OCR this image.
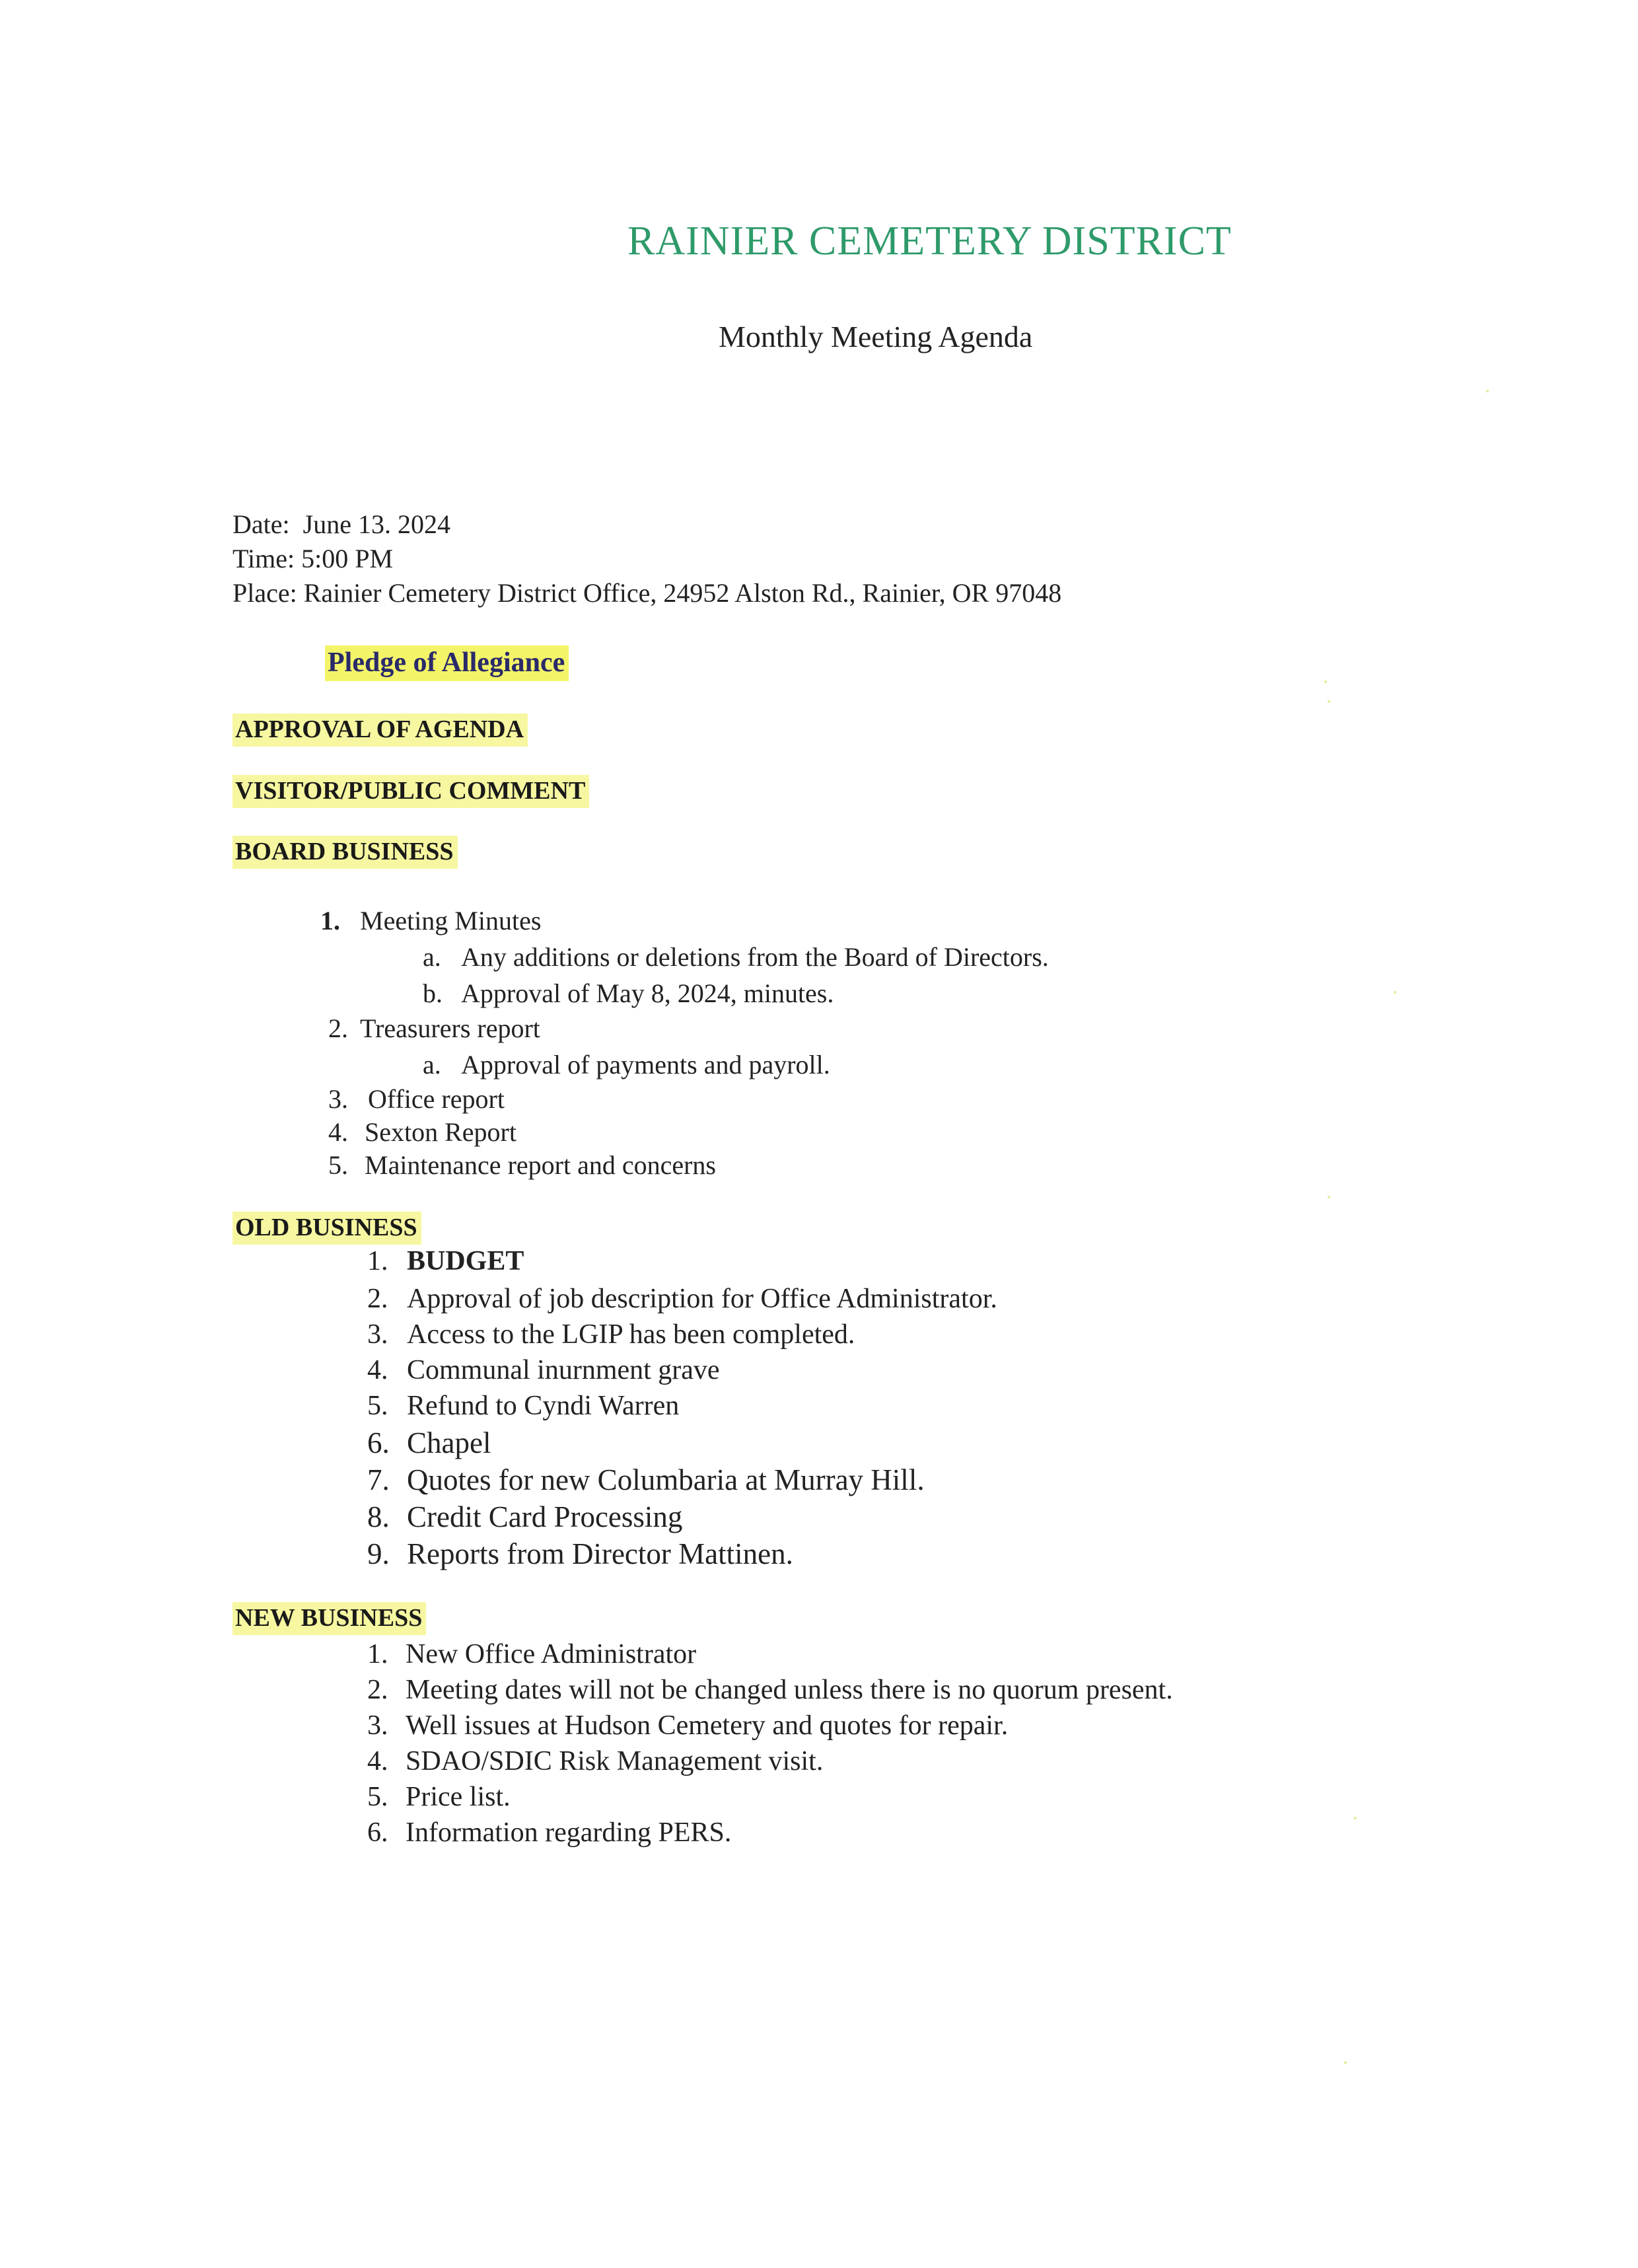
RAINIER CEMETERY DISTRICT
Monthly Meeting Agenda
Date: June 13. 2024
Time: 5:00 PM
Place: Rainier Cemetery District Office, 24952 Alston Rd., Rainier, OR 97048
Pledge of Allegiance
APPROVAL OF AGENDA
VISITOR/PUBLIC COMMENT
BOARD BUSINESS
1. Meeting Minutes
a. Any additions or deletions from the Board of Directors.
b. Approval of May 8, 2024, minutes.
2. Treasurers report
a. Approval of payments and payroll.
3. Office report
4. Sexton Report
5. Maintenance report and concerns
OLD BUSINESS
1. BUDGET
2. Approval of job description for Office Administrator.
3. Access to the LGIP has been completed.
4. Communal inurnment grave
5. Refund to Cyndi Warren
6. Chapel
7. Quotes for new Columbaria at Murray Hill.
8. Credit Card Processing
9. Reports from Director Mattinen.
NEW BUSINESS
1. New Office Administrator
2. Meeting dates will not be changed unless there is no quorum present.
3. Well issues at Hudson Cemetery and quotes for repair.
4. SDAO/SDIC Risk Management visit.
5. Price list.
6. Information regarding PERS.
